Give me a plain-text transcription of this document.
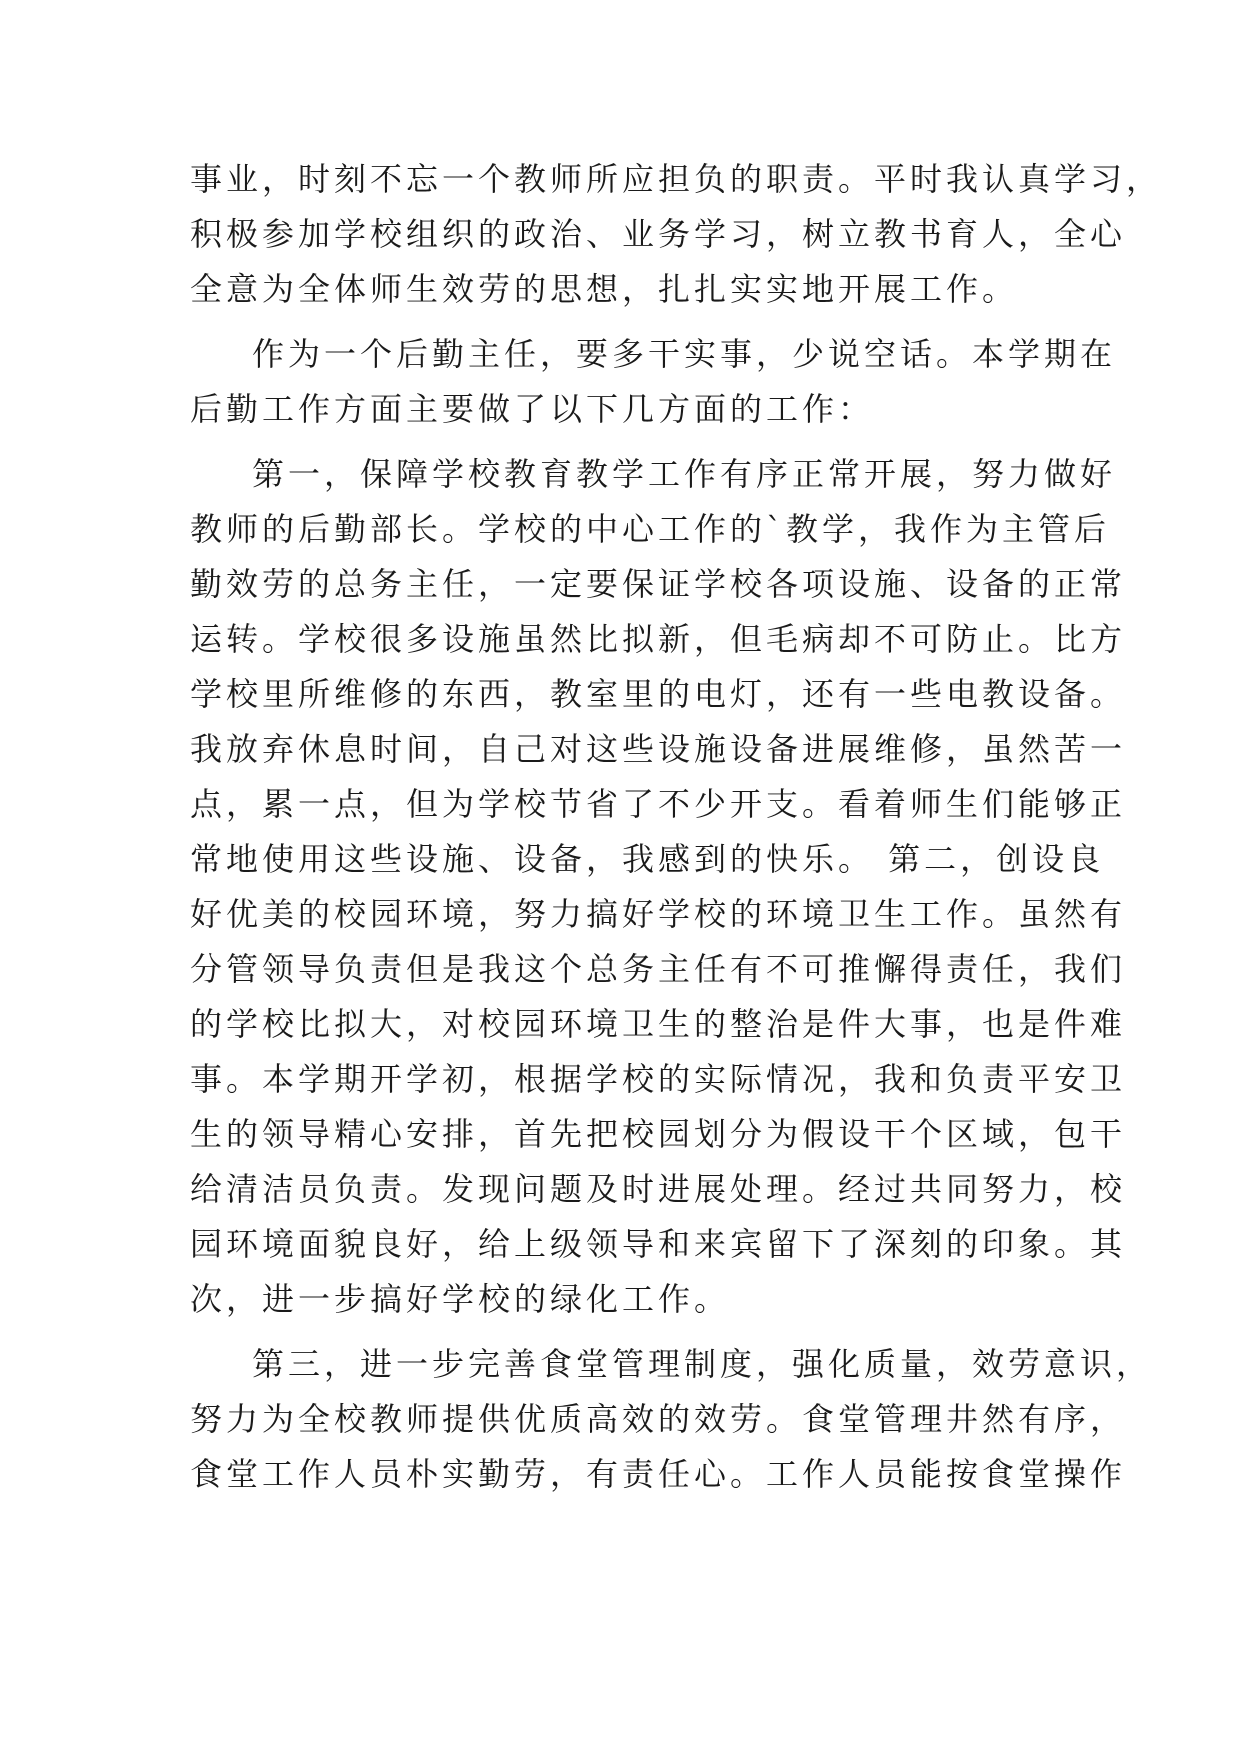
事业，时刻不忘一个教师所应担负的职责。平时我认真学习，
积极参加学校组织的政治、业务学习，树立教书育人，全心
全意为全体师生效劳的思想，扎扎实实地开展工作。
作为一个后勤主任，要多干实事，少说空话。本学期在
后勤工作方面主要做了以下几方面的工作：
第一，保障学校教育教学工作有序正常开展，努力做好
教师的后勤部长。学校的中心工作的`教学，我作为主管后
勤效劳的总务主任，一定要保证学校各项设施、设备的正常
运转。学校很多设施虽然比拟新，但毛病却不可防止。比方
学校里所维修的东西，教室里的电灯，还有一些电教设备。
我放弃休息时间，自己对这些设施设备进展维修，虽然苦一
点，累一点，但为学校节省了不少开支。看着师生们能够正
常地使用这些设施、设备，我感到的快乐。 第二，创设良
好优美的校园环境，努力搞好学校的环境卫生工作。虽然有
分管领导负责但是我这个总务主任有不可推懈得责任，我们
的学校比拟大，对校园环境卫生的整治是件大事，也是件难
事。本学期开学初，根据学校的实际情况，我和负责平安卫
生的领导精心安排，首先把校园划分为假设干个区域，包干
给清洁员负责。发现问题及时进展处理。经过共同努力，校
园环境面貌良好，给上级领导和来宾留下了深刻的印象。其
次，进一步搞好学校的绿化工作。
第三，进一步完善食堂管理制度，强化质量，效劳意识，
努力为全校教师提供优质高效的效劳。食堂管理井然有序，
食堂工作人员朴实勤劳，有责任心。工作人员能按食堂操作
